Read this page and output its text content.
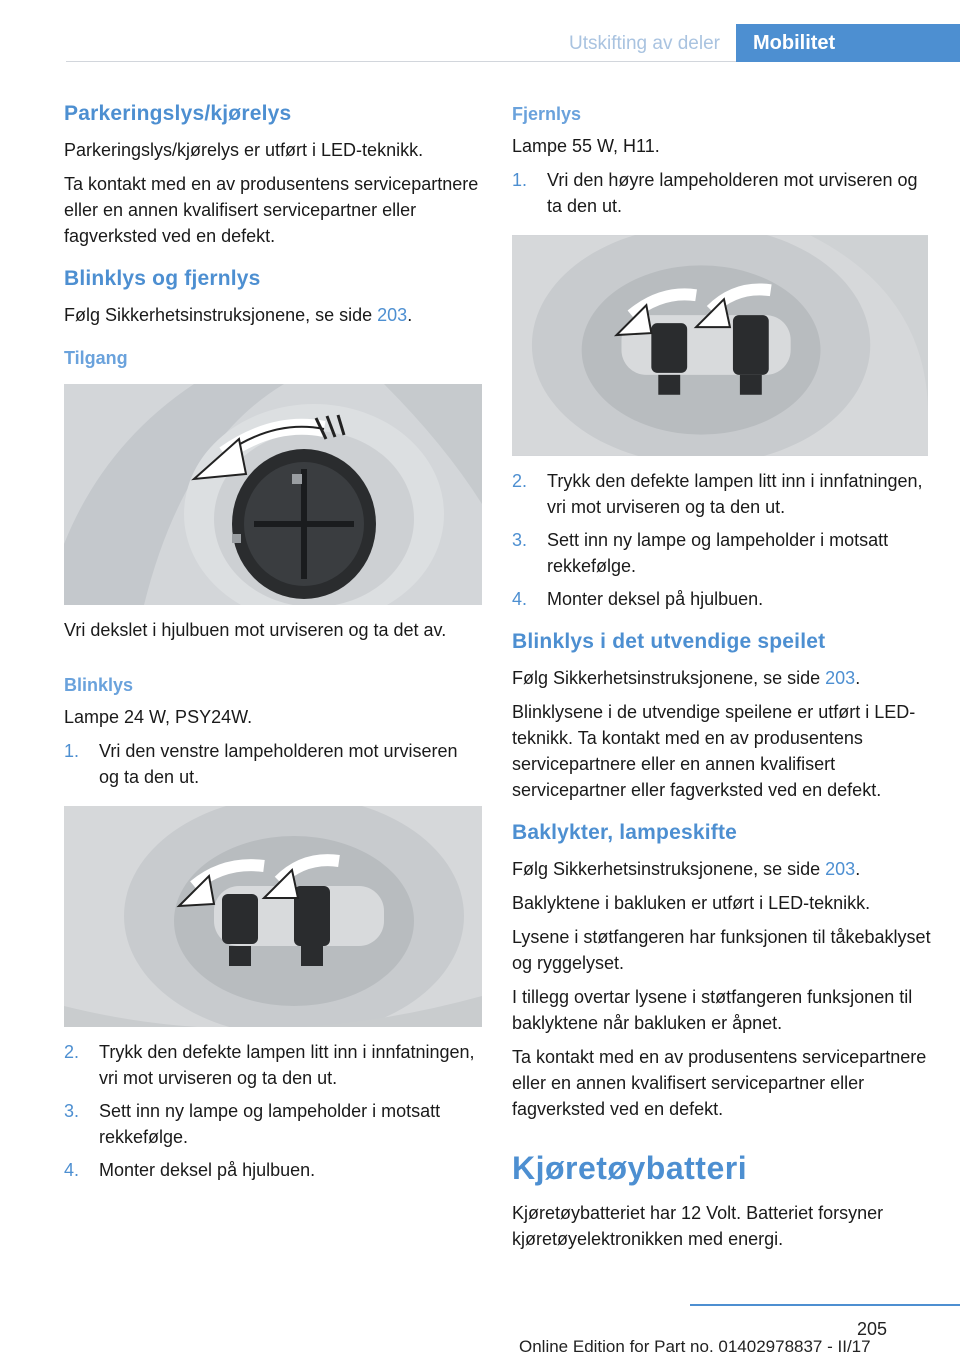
Utskifting av deler	Mobilitet
Parkeringslys/kjørelys

Parkeringslys/kjørelys er utført i LED-teknikk.

Ta kontakt med en av produsentens servicepartnere eller en annen kvalifisert servicepartner eller fagverksted ved en defekt.

Blinklys og fjernlys

Følg Sikkerhetsinstruksjonene, se side 203.

Tilgang

Vri dekslet i hjulbuen mot urviseren og ta det av.

Blinklys

Lampe 24 W, PSY24W.

1. Vri den venstre lampeholderen mot urviseren og ta den ut.
2. Trykk den defekte lampen litt inn i innfatningen, vri mot urviseren og ta den ut.
3. Sett inn ny lampe og lampeholder i motsatt rekkefølge.
4. Monter deksel på hjulbuen.
Fjernlys

Lampe 55 W, H11.

1. Vri den høyre lampeholderen mot urviseren og ta den ut.
2. Trykk den defekte lampen litt inn i innfatningen, vri mot urviseren og ta den ut.
3. Sett inn ny lampe og lampeholder i motsatt rekkefølge.
4. Monter deksel på hjulbuen.
Blinklys i det utvendige speilet

Følg Sikkerhetsinstruksjonene, se side 203.

Blinklysene i de utvendige speilene er utført i LED-teknikk. Ta kontakt med en av produsentens servicepartnere eller en annen kvalifisert servicepartner eller fagverksted ved en defekt.

Baklykter, lampeskifte

Følg Sikkerhetsinstruksjonene, se side 203.

Baklyktene i bakluken er utført i LED-teknikk.

Lysene i støtfangeren har funksjonen til tåkebaklyset og ryggelyset.

I tillegg overtar lysene i støtfangeren funksjonen til baklyktene når bakluken er åpnet.

Ta kontakt med en av produsentens servicepartnere eller en annen kvalifisert servicepartner eller fagverksted ved en defekt.

Kjøretøybatteri

Kjøretøybatteriet har 12 Volt. Batteriet forsyner kjøretøyelektronikken med energi.

205
Online Edition for Part no. 01402978837 - II/17
